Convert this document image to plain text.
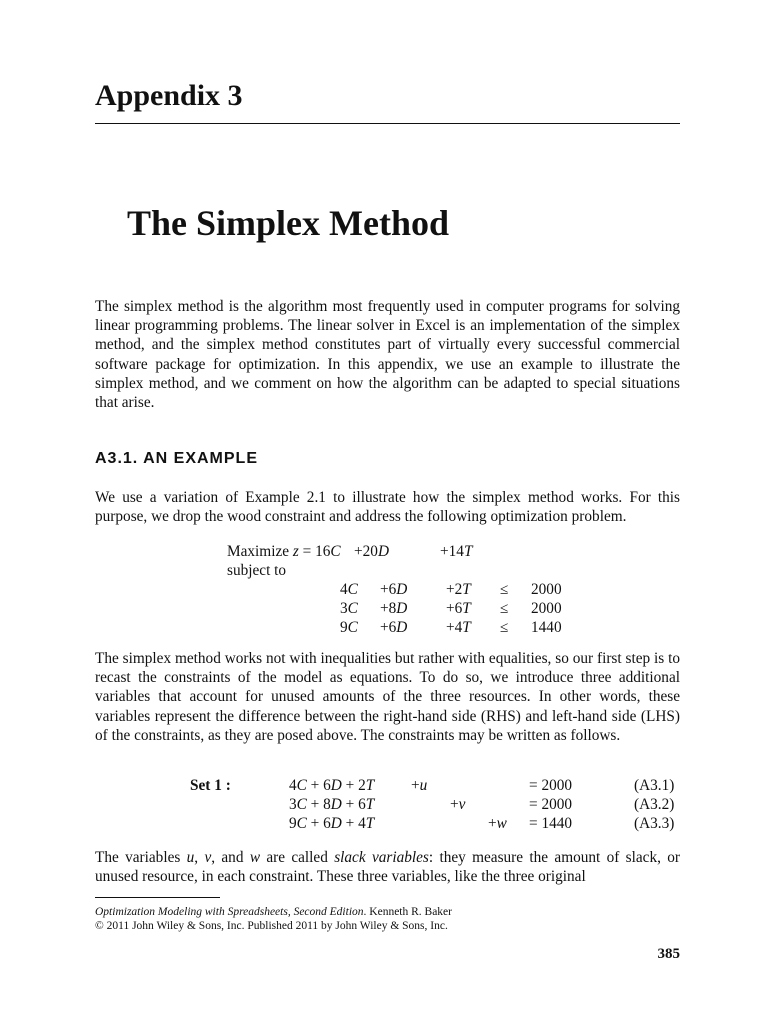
Appendix 3
The Simplex Method

The simplex method is the algorithm most frequently used in computer programs for solving linear programming problems. The linear solver in Excel is an implementation of the simplex method, and the simplex method constitutes part of virtually every successful commercial software package for optimization. In this appendix, we use an example to illustrate the simplex method, and we comment on how the algorithm can be adapted to special situations that arise.

A3.1. AN EXAMPLE

We use a variation of Example 2.1 to illustrate how the simplex method works. For this purpose, we drop the wood constraint and address the following optimization problem.

Maximize z = 16C +20D	+14T
subject to
4C +6D	+2T ≤ 2000
3C +8D	+6T ≤ 2000
9C +6D	+4T ≤ 1440

The simplex method works not with inequalities but rather with equalities, so our first step is to recast the constraints of the model as equations. To do so, we introduce three additional variables that account for unused amounts of the three resources. In other words, these variables represent the difference between the right-hand side (RHS) and left-hand side (LHS) of the constraints, as they are posed above. The constraints may be written as follows.

Set 1 :	4C + 6D + 2T +u	= 2000	(A3.1)
3C + 8D + 6T	+v	= 2000	(A3.2)
9C + 6D + 4T	+w = 1440	(A3.3)

The variables u, v, and w are called slack variables: they measure the amount of slack, or unused resource, in each constraint. These three variables, like the three original

Optimization Modeling with Spreadsheets, Second Edition. Kenneth R. Baker
© 2011 John Wiley & Sons, Inc. Published 2011 by John Wiley & Sons, Inc.
385
